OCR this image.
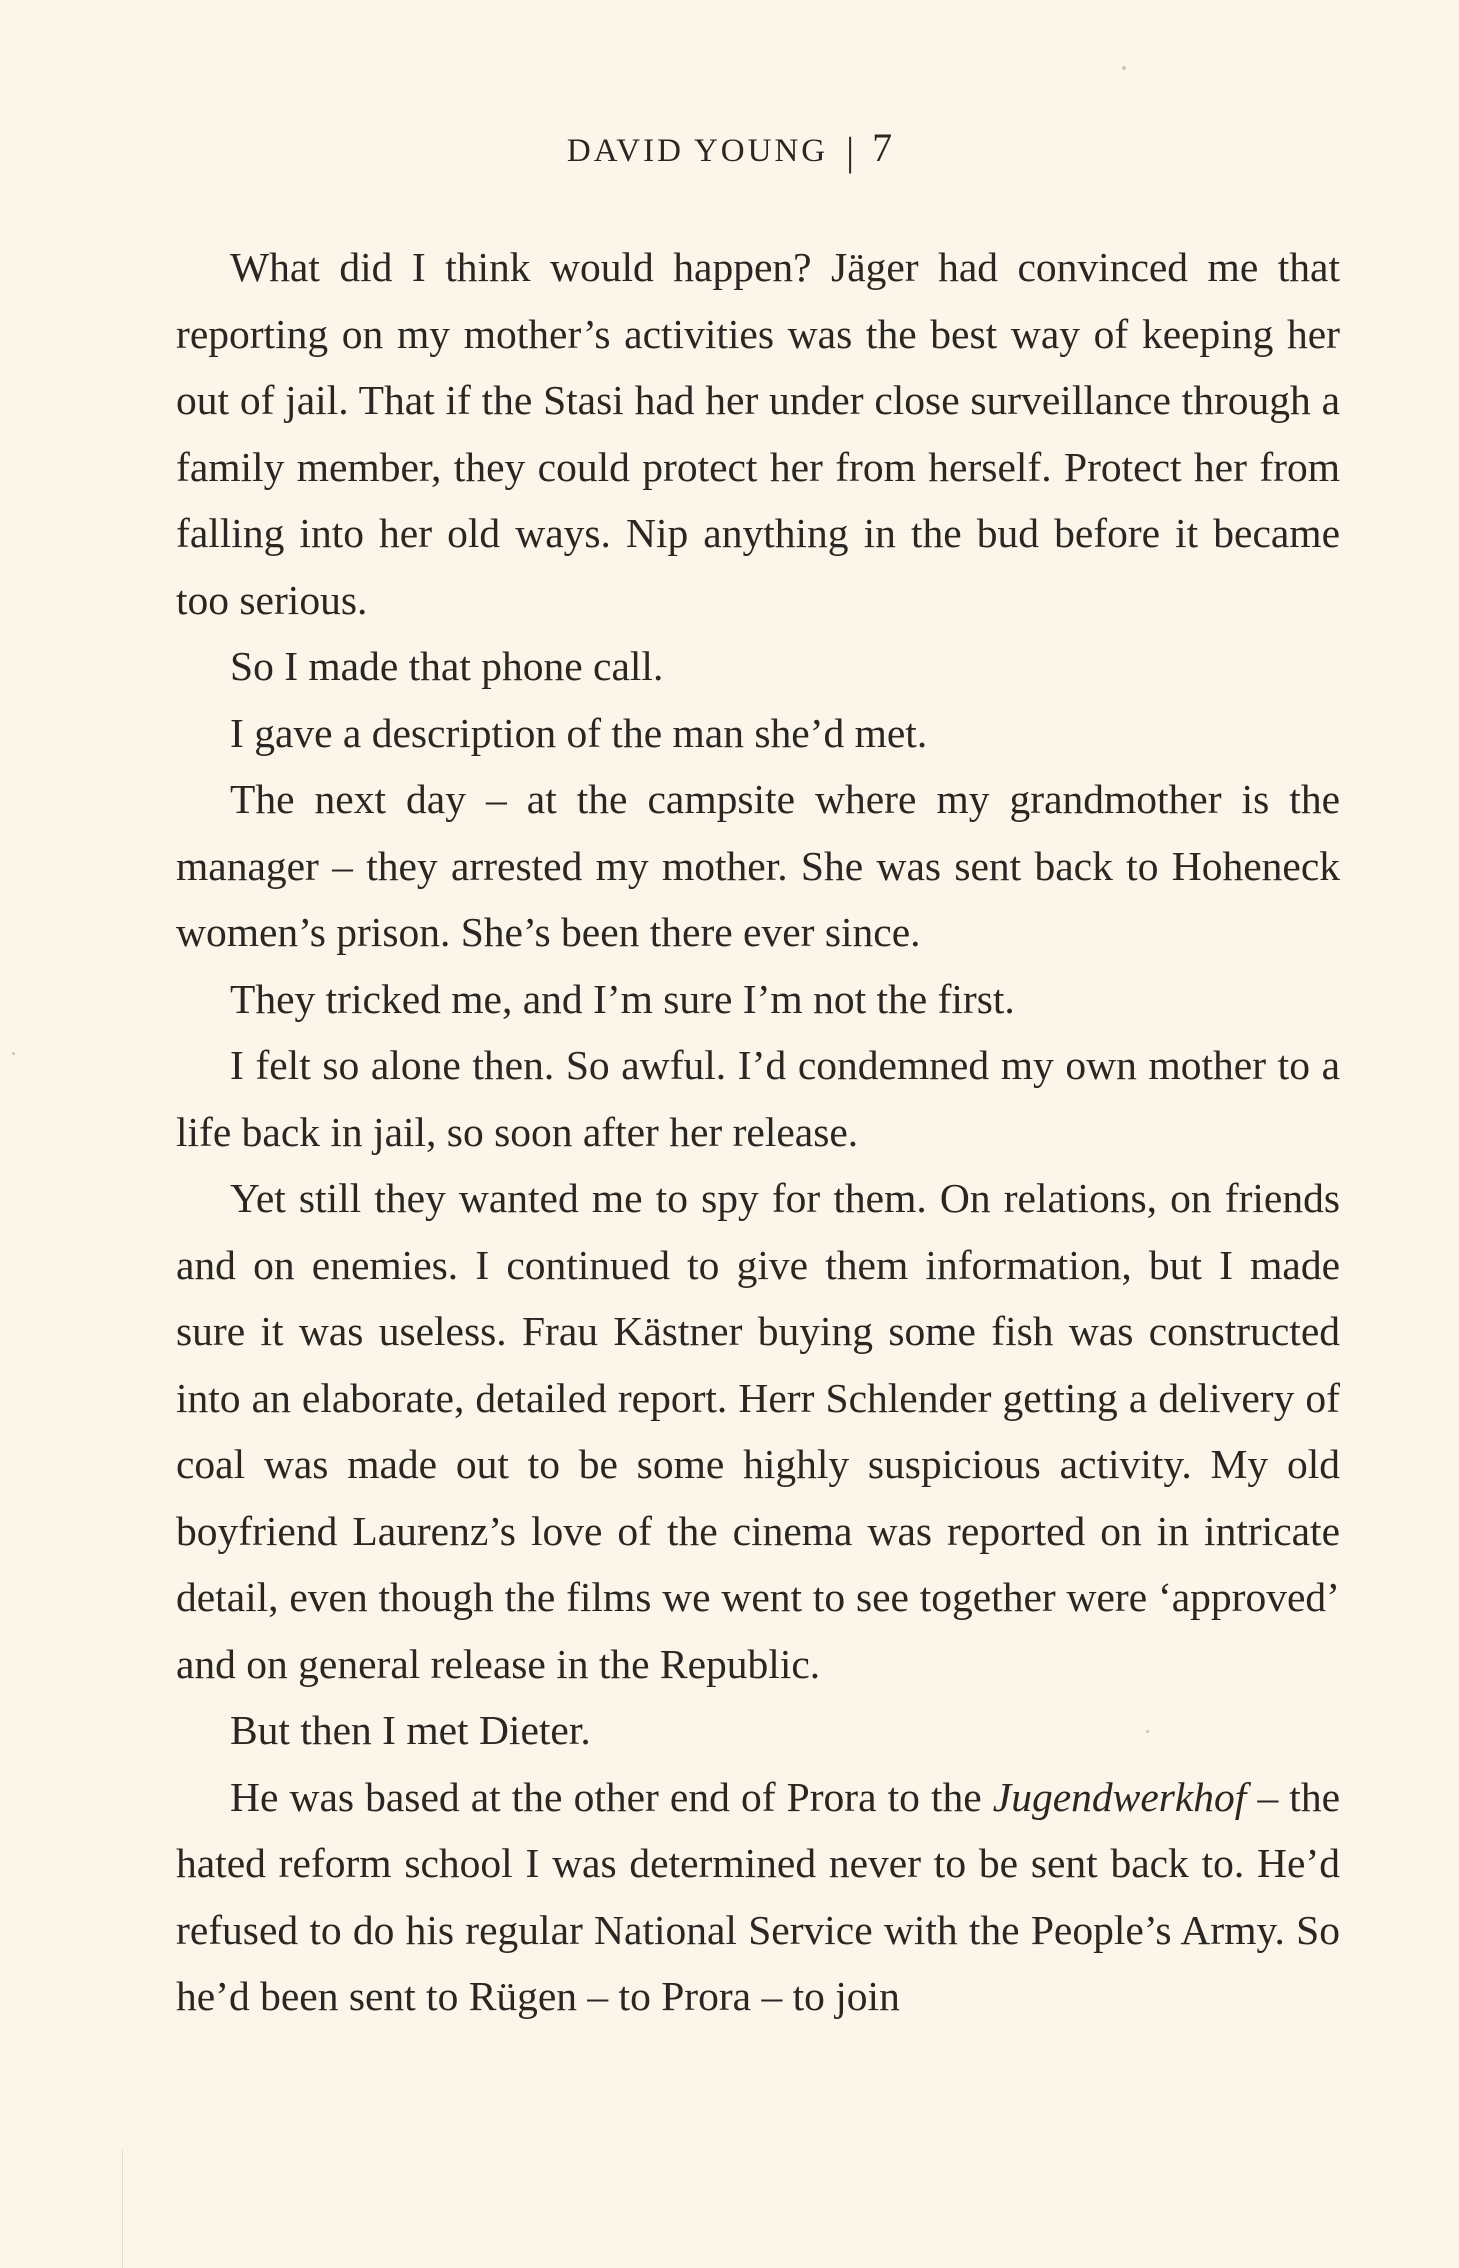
DAVID YOUNG | 7

What did I think would happen? Jäger had convinced me that reporting on my mother’s activities was the best way of keeping her out of jail. That if the Stasi had her under close surveillance through a family member, they could protect her from herself. Protect her from falling into her old ways. Nip anything in the bud before it became too serious.

So I made that phone call.

I gave a description of the man she’d met.

The next day – at the campsite where my grandmother is the manager – they arrested my mother. She was sent back to Hoheneck women’s prison. She’s been there ever since.

They tricked me, and I’m sure I’m not the first.

I felt so alone then. So awful. I’d condemned my own mother to a life back in jail, so soon after her release.

Yet still they wanted me to spy for them. On relations, on friends and on enemies. I continued to give them information, but I made sure it was useless. Frau Kästner buying some fish was constructed into an elaborate, detailed report. Herr Schlender getting a delivery of coal was made out to be some highly suspicious activity. My old boyfriend Laurenz’s love of the cinema was reported on in intricate detail, even though the films we went to see together were ‘approved’ and on general release in the Republic.

But then I met Dieter.

He was based at the other end of Prora to the Jugendwerkhof – the hated reform school I was determined never to be sent back to. He’d refused to do his regular National Service with the People’s Army. So he’d been sent to Rügen – to Prora – to join
